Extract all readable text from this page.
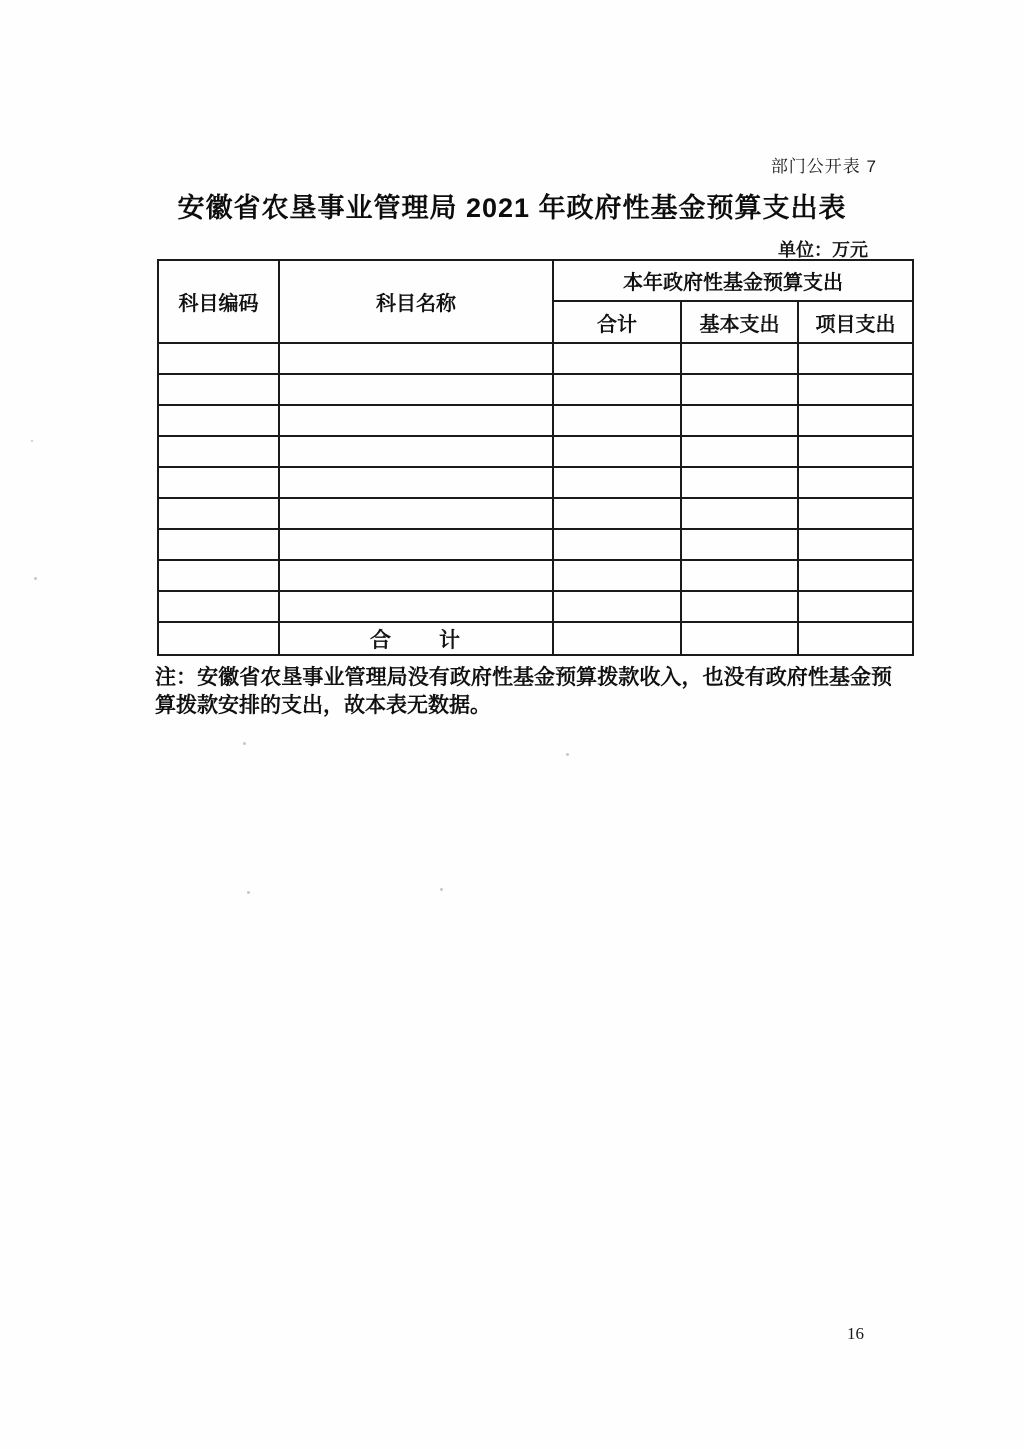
部门公开表 7
安徽省农垦事业管理局 2021 年政府性基金预算支出表
单位：万元
科目编码	科目名称	本年政府性基金预算支出		
		合计	基本支出	项目支出

	合　　计			

注：安徽省农垦事业管理局没有政府性基金预算拨款收入，也没有政府性基金预算拨款安排的支出，故本表无数据。

16
